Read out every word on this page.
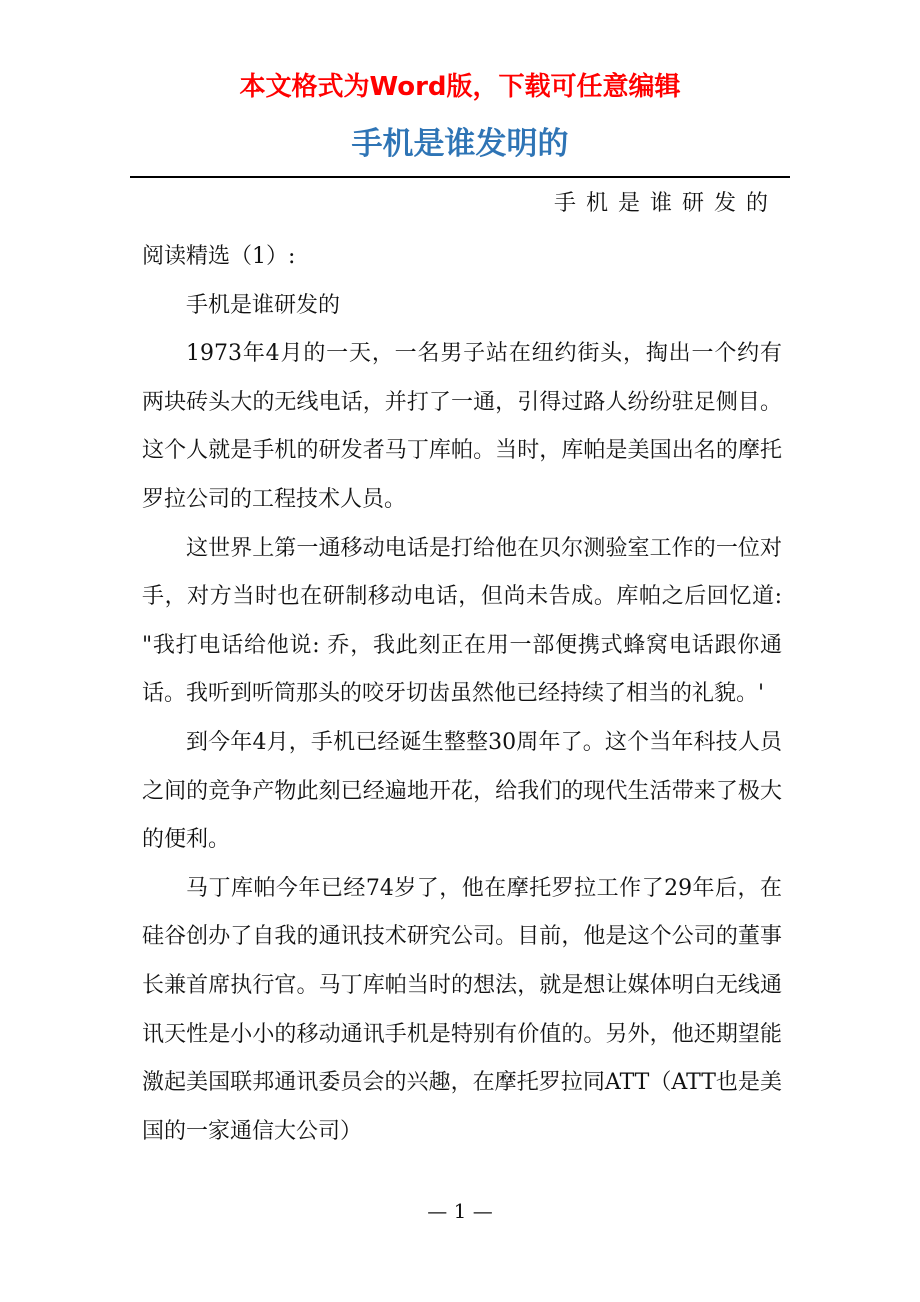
本文格式为Word版，下载可任意编辑
手机是谁发明的
手机是谁研发的

阅读精选（1）:

手机是谁研发的

1973年4月的一天，一名男子站在纽约街头，掏出一个约有两块砖头大的无线电话，并打了一通，引得过路人纷纷驻足侧目。这个人就是手机的研发者马丁库帕。当时，库帕是美国出名的摩托罗拉公司的工程技术人员。

这世界上第一通移动电话是打给他在贝尔测验室工作的一位对手，对方当时也在研制移动电话，但尚未告成。库帕之后回忆道: "我打电话给他说: 乔，我此刻正在用一部便携式蜂窝电话跟你通话。我听到听筒那头的咬牙切齿虽然他已经持续了相当的礼貌。'

到今年4月，手机已经诞生整整30周年了。这个当年科技人员之间的竞争产物此刻已经遍地开花，给我们的现代生活带来了极大的便利。

马丁库帕今年已经74岁了，他在摩托罗拉工作了29年后，在硅谷创办了自我的通讯技术研究公司。目前，他是这个公司的董事长兼首席执行官。马丁库帕当时的想法，就是想让媒体明白无线通讯天性是小小的移动通讯手机是特别有价值的。另外，他还期望能激起美国联邦通讯委员会的兴趣，在摩托罗拉同ATT（ATT也是美国的一家通信大公司）

— 1 —
